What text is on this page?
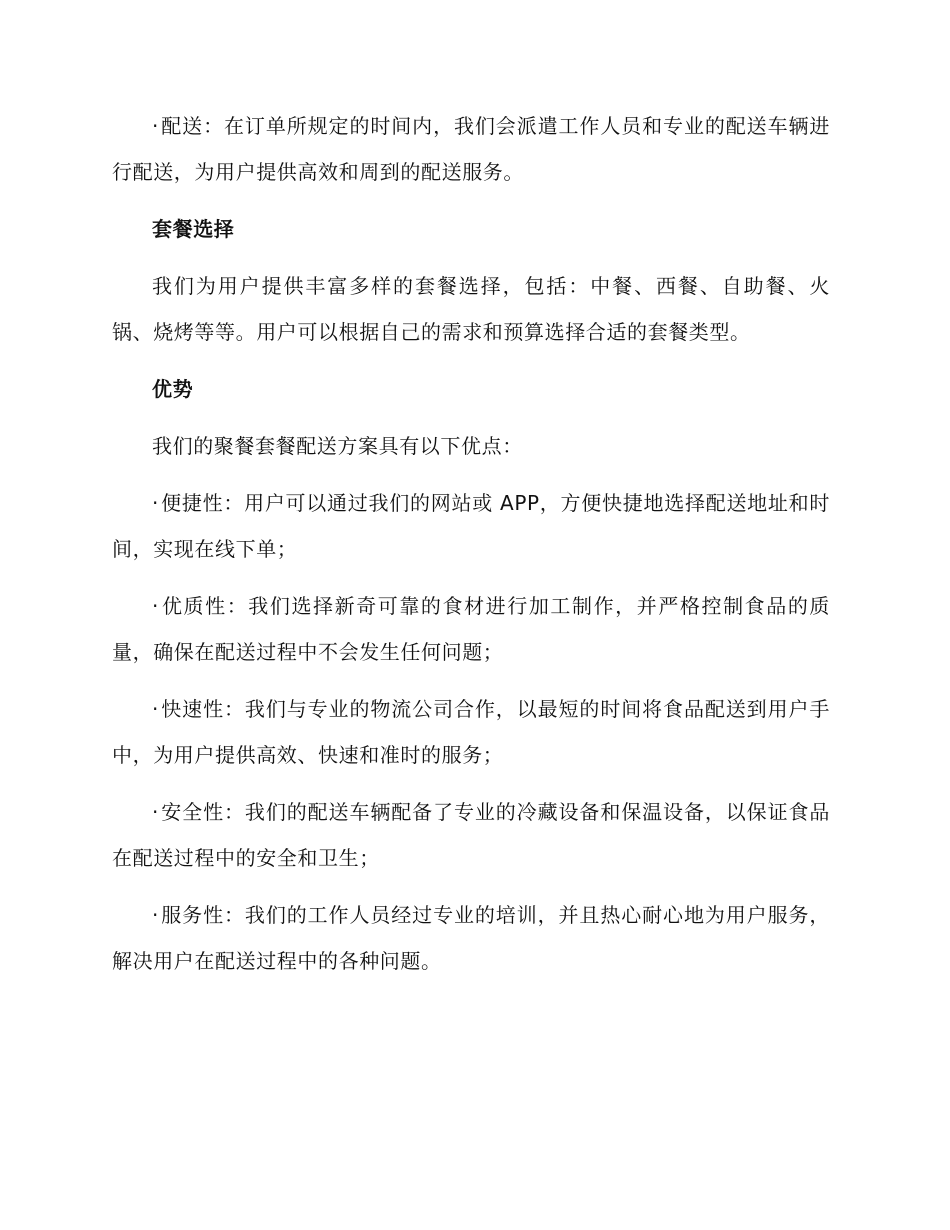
· 配送：在订单所规定的时间内，我们会派遣工作人员和专业的配送车辆进行配送，为用户提供高效和周到的配送服务。

套餐选择

我们为用户提供丰富多样的套餐选择，包括：中餐、西餐、自助餐、火锅、烧烤等等。用户可以根据自己的需求和预算选择合适的套餐类型。

优势

我们的聚餐套餐配送方案具有以下优点：

· 便捷性：用户可以通过我们的网站或 APP，方便快捷地选择配送地址和时间，实现在线下单；

· 优质性：我们选择新奇可靠的食材进行加工制作，并严格控制食品的质量，确保在配送过程中不会发生任何问题；

· 快速性：我们与专业的物流公司合作，以最短的时间将食品配送到用户手中，为用户提供高效、快速和准时的服务；

· 安全性：我们的配送车辆配备了专业的冷藏设备和保温设备，以保证食品在配送过程中的安全和卫生；

· 服务性：我们的工作人员经过专业的培训，并且热心耐心地为用户服务，解决用户在配送过程中的各种问题。
